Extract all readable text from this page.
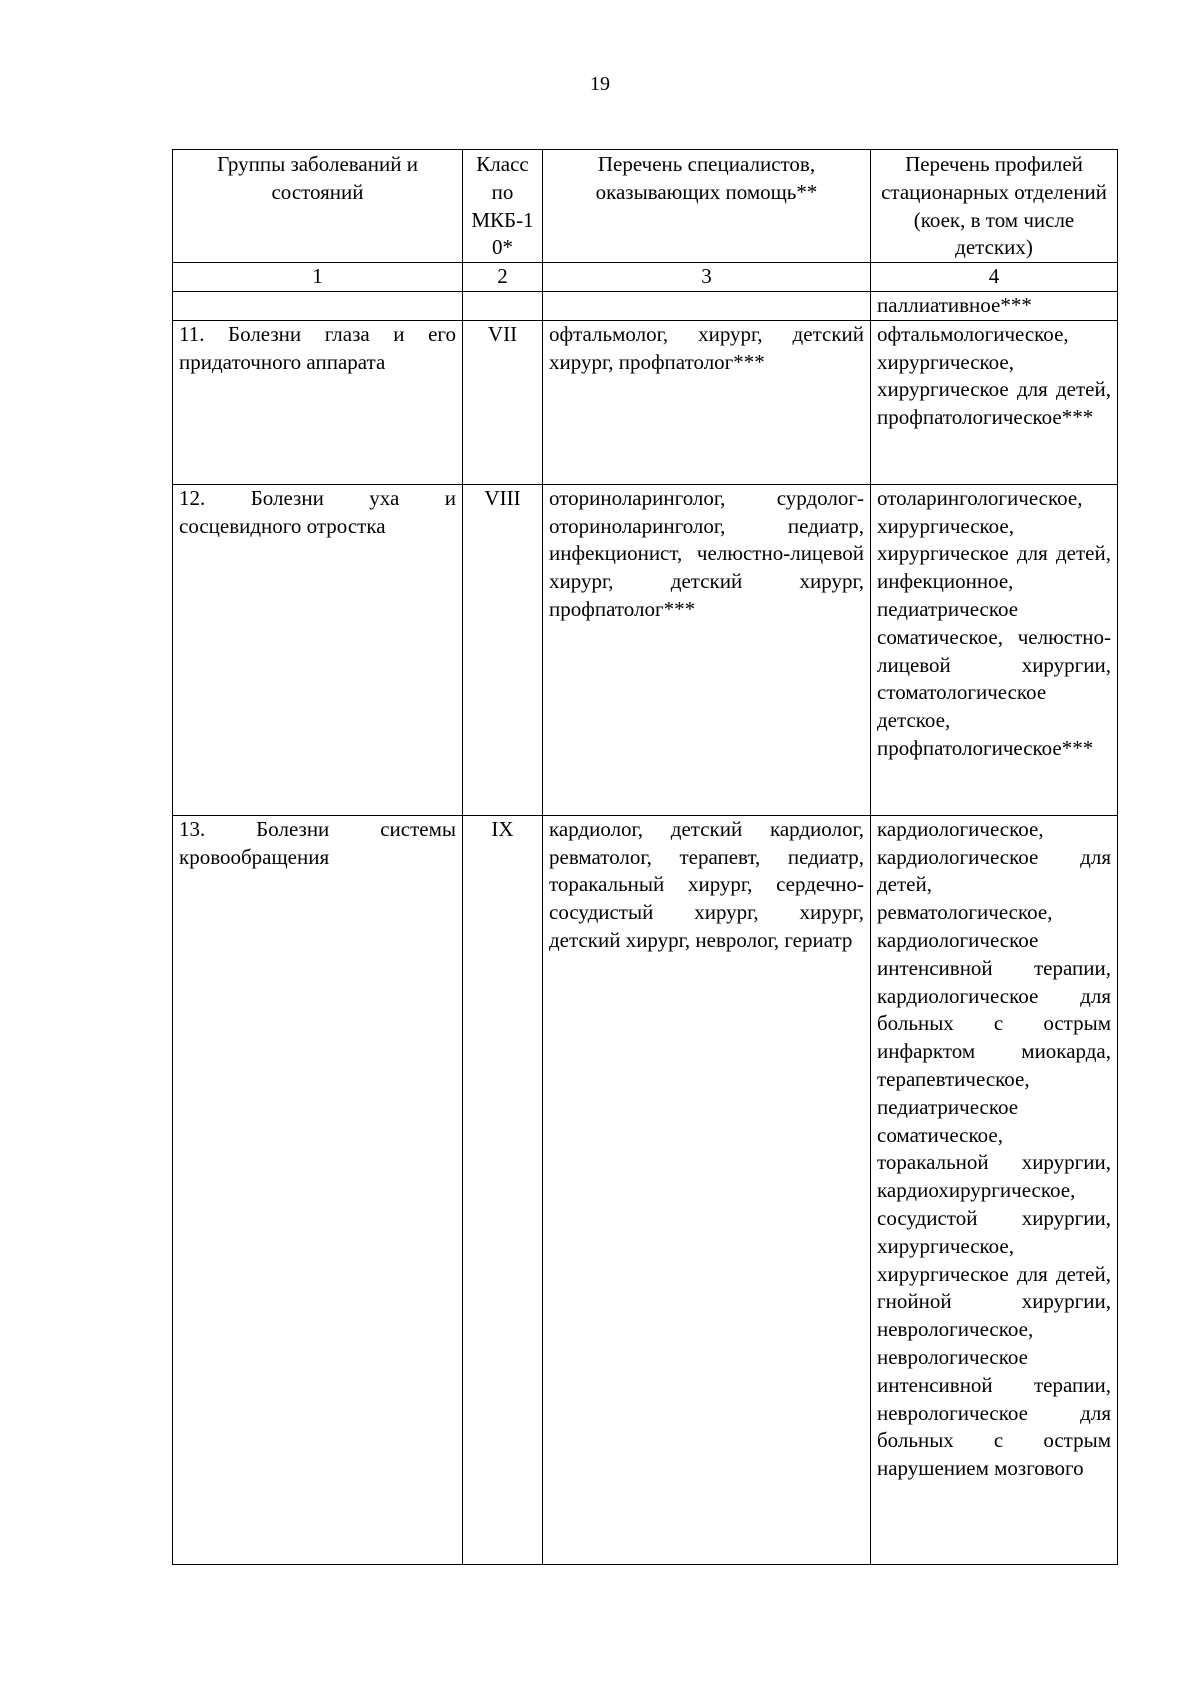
19
Группы заболеваний и состояний	Класс по МКБ-10*	Перечень специалистов, оказывающих помощь**	Перечень профилей стационарных отделений (коек, в том числе детских)
1	2	3	4
			паллиативное***
11. Болезни глаза и его придаточного аппарата	VII	офтальмолог, хирург, детский хирург, профпатолог***	офтальмологическое, хирургическое, хирургическое для детей, профпатологическое***
12. Болезни уха и сосцевидного отростка	VIII	оториноларинголог, сурдолог-оториноларинголог, педиатр, инфекционист, челюстно-лицевой хирург, детский хирург, профпатолог***	отоларингологическое, хирургическое, хирургическое для детей, инфекционное, педиатрическое соматическое, челюстно-лицевой хирургии, стоматологическое детское, профпатологическое***
13. Болезни системы кровообращения	IX	кардиолог, детский кардиолог, ревматолог, терапевт, педиатр, торакальный хирург, сердечно-сосудистый хирург, хирург, детский хирург, невролог, гериатр	кардиологическое, кардиологическое для детей, ревматологическое, кардиологическое интенсивной терапии, кардиологическое для больных с острым инфарктом миокарда, терапевтическое, педиатрическое соматическое, торакальной хирургии, кардиохирургическое, сосудистой хирургии, хирургическое, хирургическое для детей, гнойной хирургии, неврологическое, неврологическое интенсивной терапии, неврологическое для больных с острым нарушением мозгового
